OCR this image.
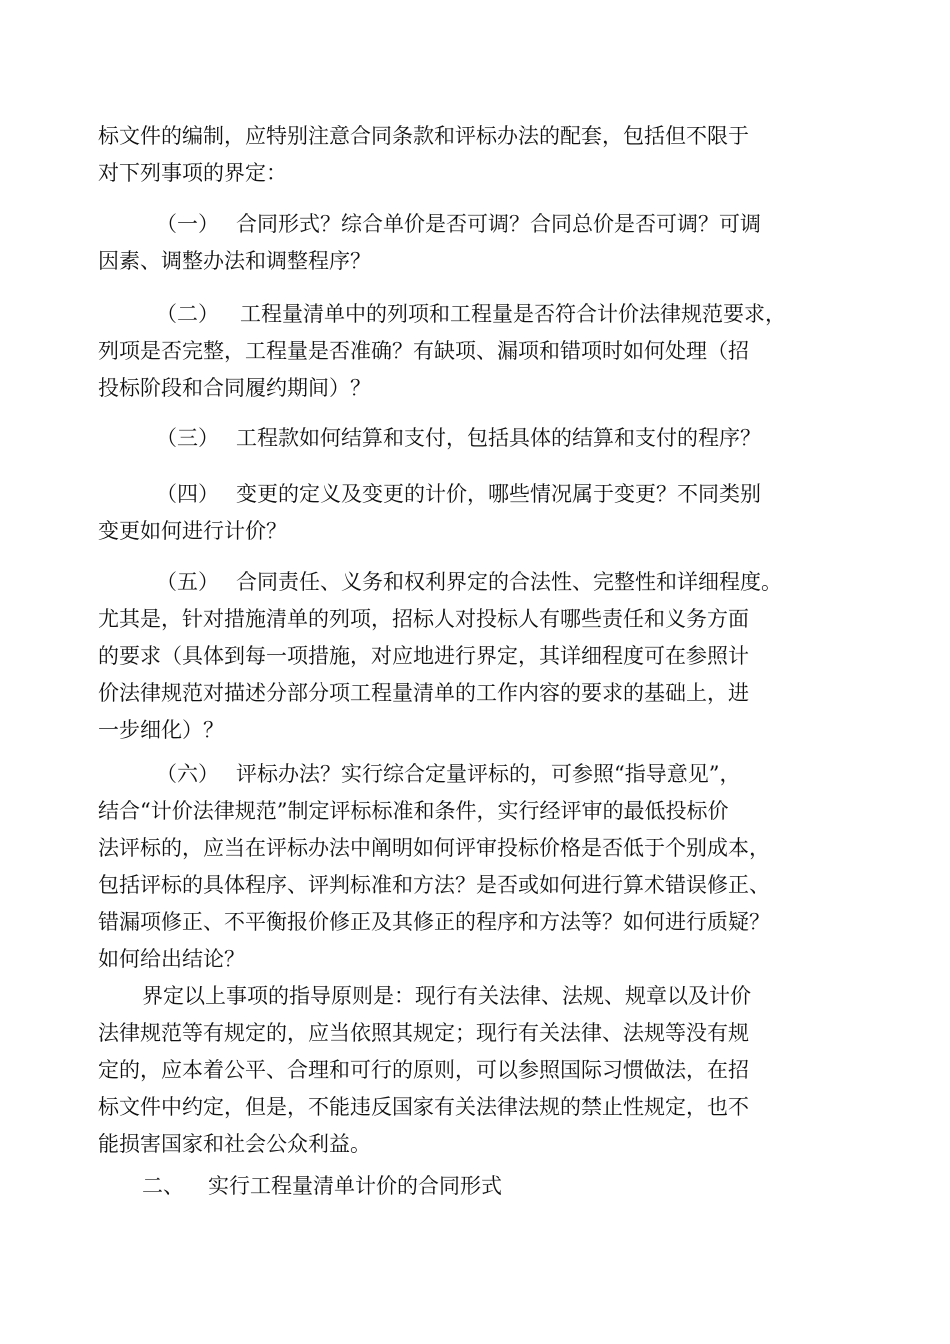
标文件的编制，应特别注意合同条款和评标办法的配套，包括但不限于
对下列事项的界定：
（一） 合同形式？综合单价是否可调？合同总价是否可调？可调
因素、调整办法和调整程序？
（二） 工程量清单中的列项和工程量是否符合计价法律规范要求，
列项是否完整，工程量是否准确？有缺项、漏项和错项时如何处理（招
投标阶段和合同履约期间）？
（三） 工程款如何结算和支付，包括具体的结算和支付的程序？
（四） 变更的定义及变更的计价，哪些情况属于变更？不同类别
变更如何进行计价？
（五） 合同责任、义务和权利界定的合法性、完整性和详细程度。
尤其是，针对措施清单的列项，招标人对投标人有哪些责任和义务方面
的要求（具体到每一项措施，对应地进行界定，其详细程度可在参照计
价法律规范对描述分部分项工程量清单的工作内容的要求的基础上，进
一步细化）？
（六） 评标办法？实行综合定量评标的，可参照“指导意见”，
结合“计价法律规范”制定评标标准和条件，实行经评审的最低投标价
法评标的，应当在评标办法中阐明如何评审投标价格是否低于个别成本，
包括评标的具体程序、评判标准和方法？是否或如何进行算术错误修正、
错漏项修正、不平衡报价修正及其修正的程序和方法等？如何进行质疑？
如何给出结论？
界定以上事项的指导原则是：现行有关法律、法规、规章以及计价
法律规范等有规定的，应当依照其规定；现行有关法律、法规等没有规
定的，应本着公平、合理和可行的原则，可以参照国际习惯做法，在招
标文件中约定，但是，不能违反国家有关法律法规的禁止性规定，也不
能损害国家和社会公众利益。
二、 实行工程量清单计价的合同形式
